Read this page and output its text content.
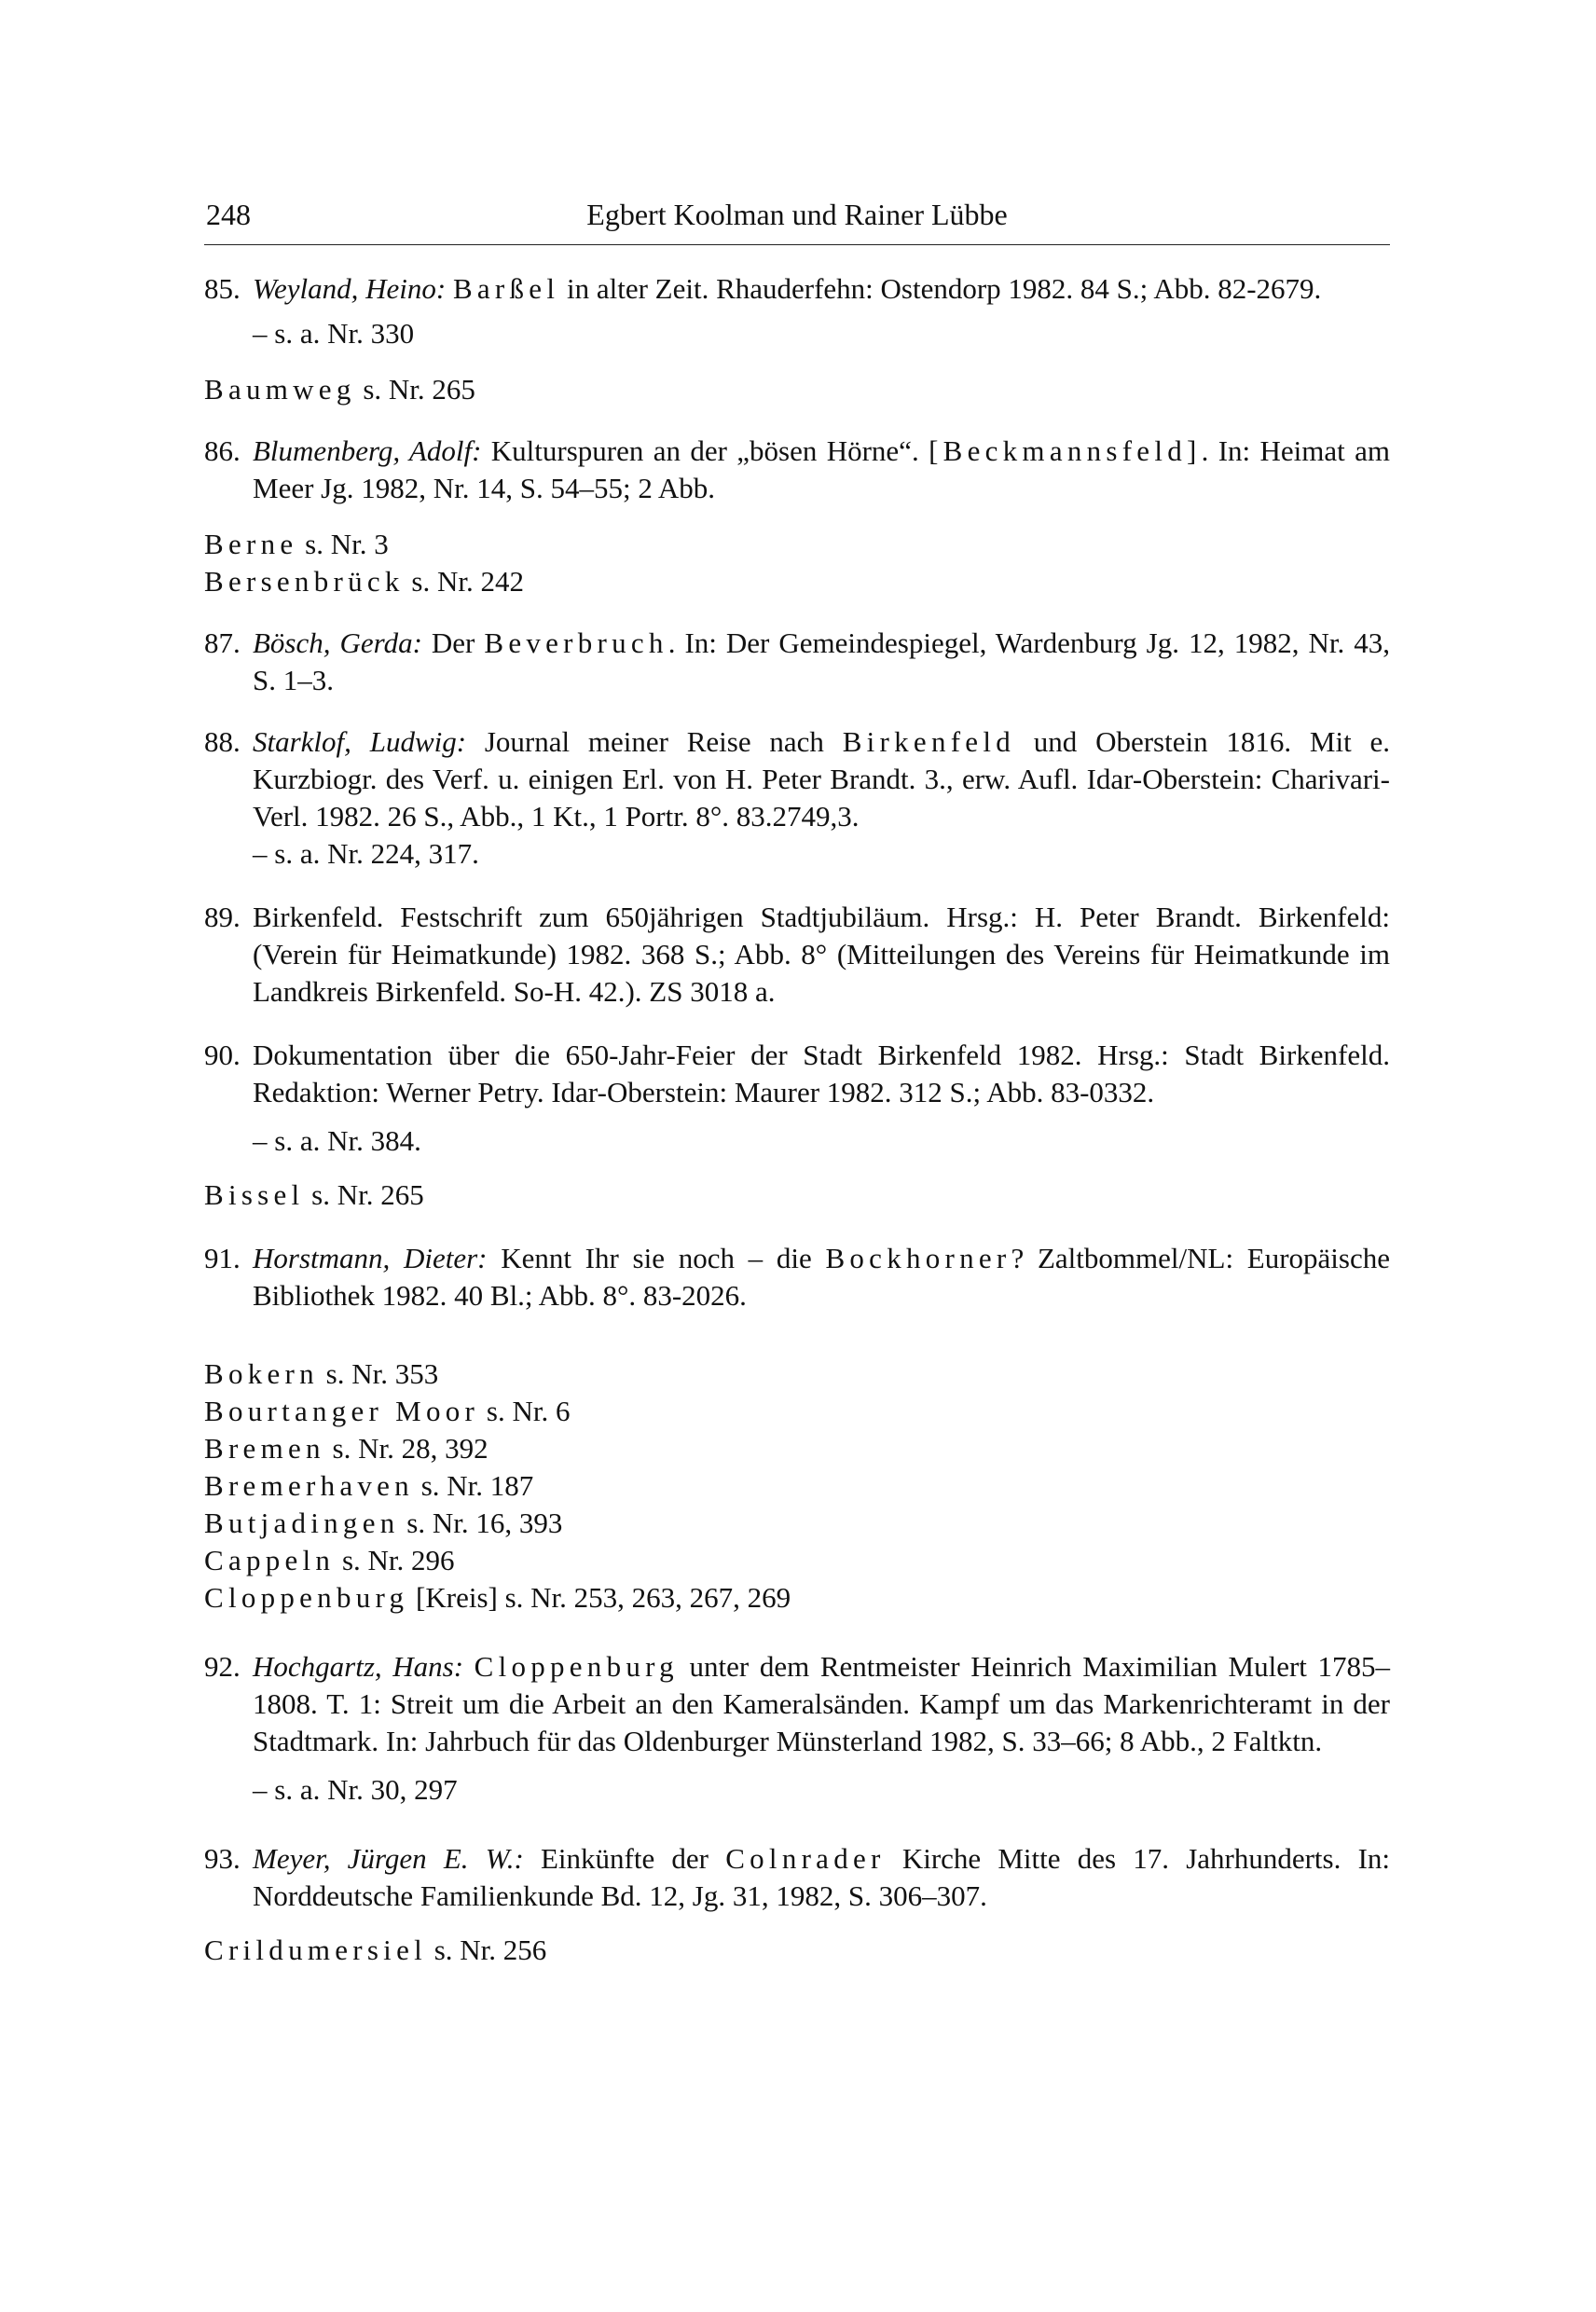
248	Egbert Koolman und Rainer Lübbe
85. Weyland, Heino: Barßel in alter Zeit. Rhauderfehn: Ostendorp 1982. 84 S.; Abb. 82-2679.
– s. a. Nr. 330
Baumweg s. Nr. 265
86. Blumenberg, Adolf: Kulturspuren an der „bösen Hörne“. [Beckmannsfeld]. In: Heimat am Meer Jg. 1982, Nr. 14, S. 54–55; 2 Abb.
Berne s. Nr. 3
Bersenbrück s. Nr. 242
87. Bösch, Gerda: Der Beverbruch. In: Der Gemeindespiegel, Wardenburg Jg. 12, 1982, Nr. 43, S. 1–3.
88. Starklof, Ludwig: Journal meiner Reise nach Birkenfeld und Oberstein 1816. Mit e. Kurzbiogr. des Verf. u. einigen Erl. von H. Peter Brandt. 3., erw. Aufl. Idar-Oberstein: Charivari-Verl. 1982. 26 S., Abb., 1 Kt., 1 Portr. 8°. 83.2749,3.
– s. a. Nr. 224, 317.
89. Birkenfeld. Festschrift zum 650jährigen Stadtjubiläum. Hrsg.: H. Peter Brandt. Birkenfeld: (Verein für Heimatkunde) 1982. 368 S.; Abb. 8° (Mitteilungen des Vereins für Heimatkunde im Landkreis Birkenfeld. So-H. 42.). ZS 3018 a.
90. Dokumentation über die 650-Jahr-Feier der Stadt Birkenfeld 1982. Hrsg.: Stadt Birkenfeld. Redaktion: Werner Petry. Idar-Oberstein: Maurer 1982. 312 S.; Abb. 83-0332.
– s. a. Nr. 384.
Bissel s. Nr. 265
91. Horstmann, Dieter: Kennt Ihr sie noch – die Bockhorner? Zaltbommel/NL: Europäische Bibliothek 1982. 40 Bl.; Abb. 8°. 83-2026.
Bokern s. Nr. 353
Bourtanger Moor s. Nr. 6
Bremen s. Nr. 28, 392
Bremerhaven s. Nr. 187
Butjadingen s. Nr. 16, 393
Cappeln s. Nr. 296
Cloppenburg [Kreis] s. Nr. 253, 263, 267, 269
92. Hochgartz, Hans: Cloppenburg unter dem Rentmeister Heinrich Maximilian Mulert 1785–1808. T. 1: Streit um die Arbeit an den Kameralsänden. Kampf um das Markenrichteramt in der Stadtmark. In: Jahrbuch für das Oldenburger Münsterland 1982, S. 33–66; 8 Abb., 2 Faltktn.
– s. a. Nr. 30, 297
93. Meyer, Jürgen E. W.: Einkünfte der Colnrader Kirche Mitte des 17. Jahrhunderts. In: Norddeutsche Familienkunde Bd. 12, Jg. 31, 1982, S. 306–307.
Crildumersiel s. Nr. 256
